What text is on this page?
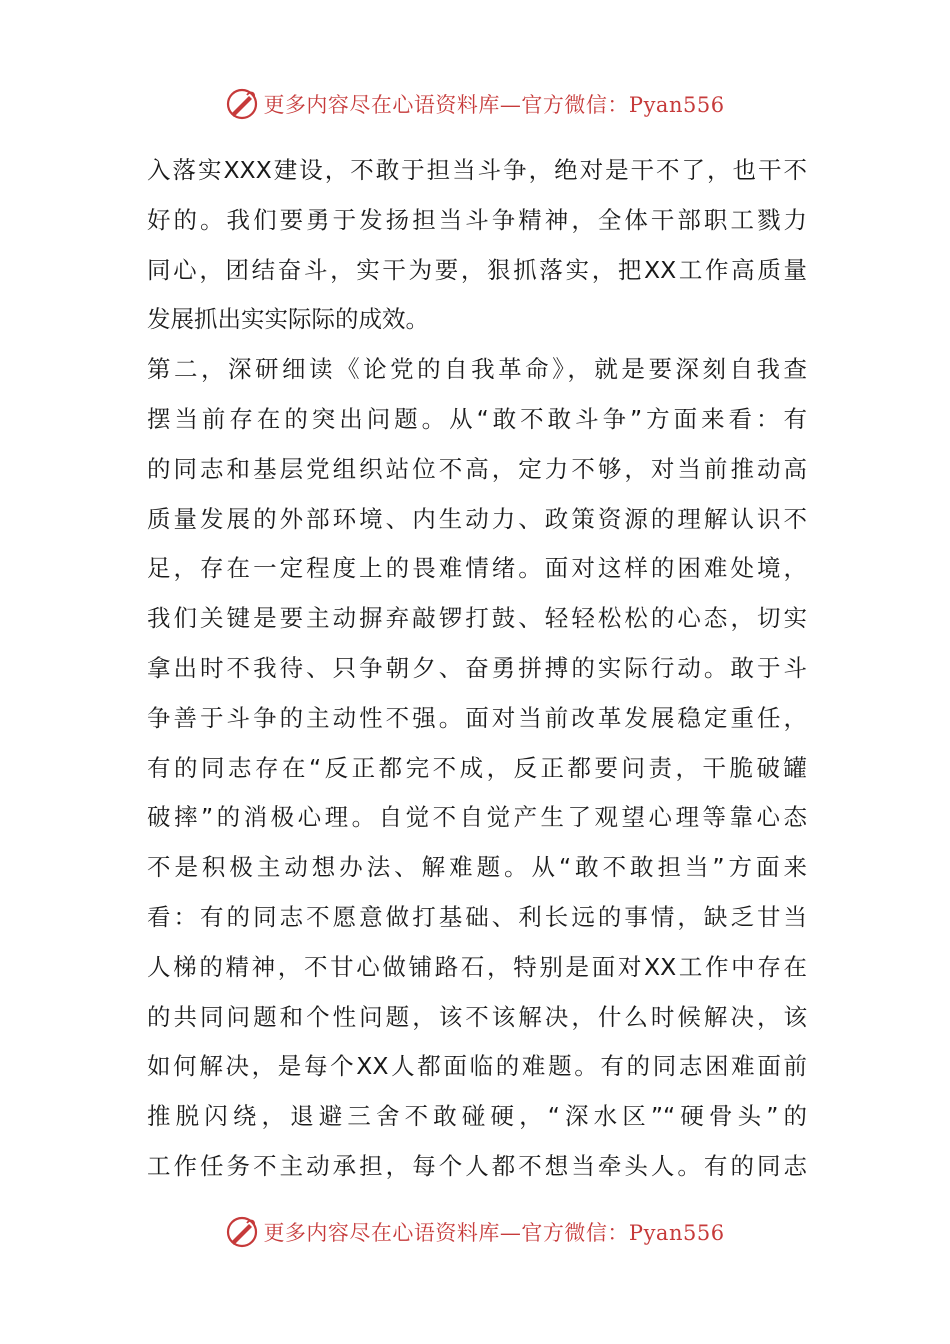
更多内容尽在心语资料库—官方微信：Pyan556
入落实XXX建设，不敢于担当斗争，绝对是干不了，也干不
好的。我们要勇于发扬担当斗争精神，全体干部职工戮力
同心，团结奋斗，实干为要，狠抓落实，把XX工作高质量
发展抓出实实际际的成效。
第二，深研细读《论党的自我革命》，就是要深刻自我查
摆当前存在的突出问题。从“敢不敢斗争”方面来看：有
的同志和基层党组织站位不高，定力不够，对当前推动高
质量发展的外部环境、内生动力、政策资源的理解认识不
足，存在一定程度上的畏难情绪。面对这样的困难处境，
我们关键是要主动摒弃敲锣打鼓、轻轻松松的心态，切实
拿出时不我待、只争朝夕、奋勇拼搏的实际行动。敢于斗
争善于斗争的主动性不强。面对当前改革发展稳定重任，
有的同志存在“反正都完不成，反正都要问责，干脆破罐
破摔”的消极心理。自觉不自觉产生了观望心理等靠心态
不是积极主动想办法、解难题。从“敢不敢担当”方面来
看：有的同志不愿意做打基础、利长远的事情，缺乏甘当
人梯的精神，不甘心做铺路石，特别是面对XX工作中存在
的共同问题和个性问题，该不该解决，什么时候解决，该
如何解决，是每个XX人都面临的难题。有的同志困难面前
推脱闪绕，退避三舍不敢碰硬，“深水区”“硬骨头”的
工作任务不主动承担，每个人都不想当牵头人。有的同志
更多内容尽在心语资料库—官方微信：Pyan556
